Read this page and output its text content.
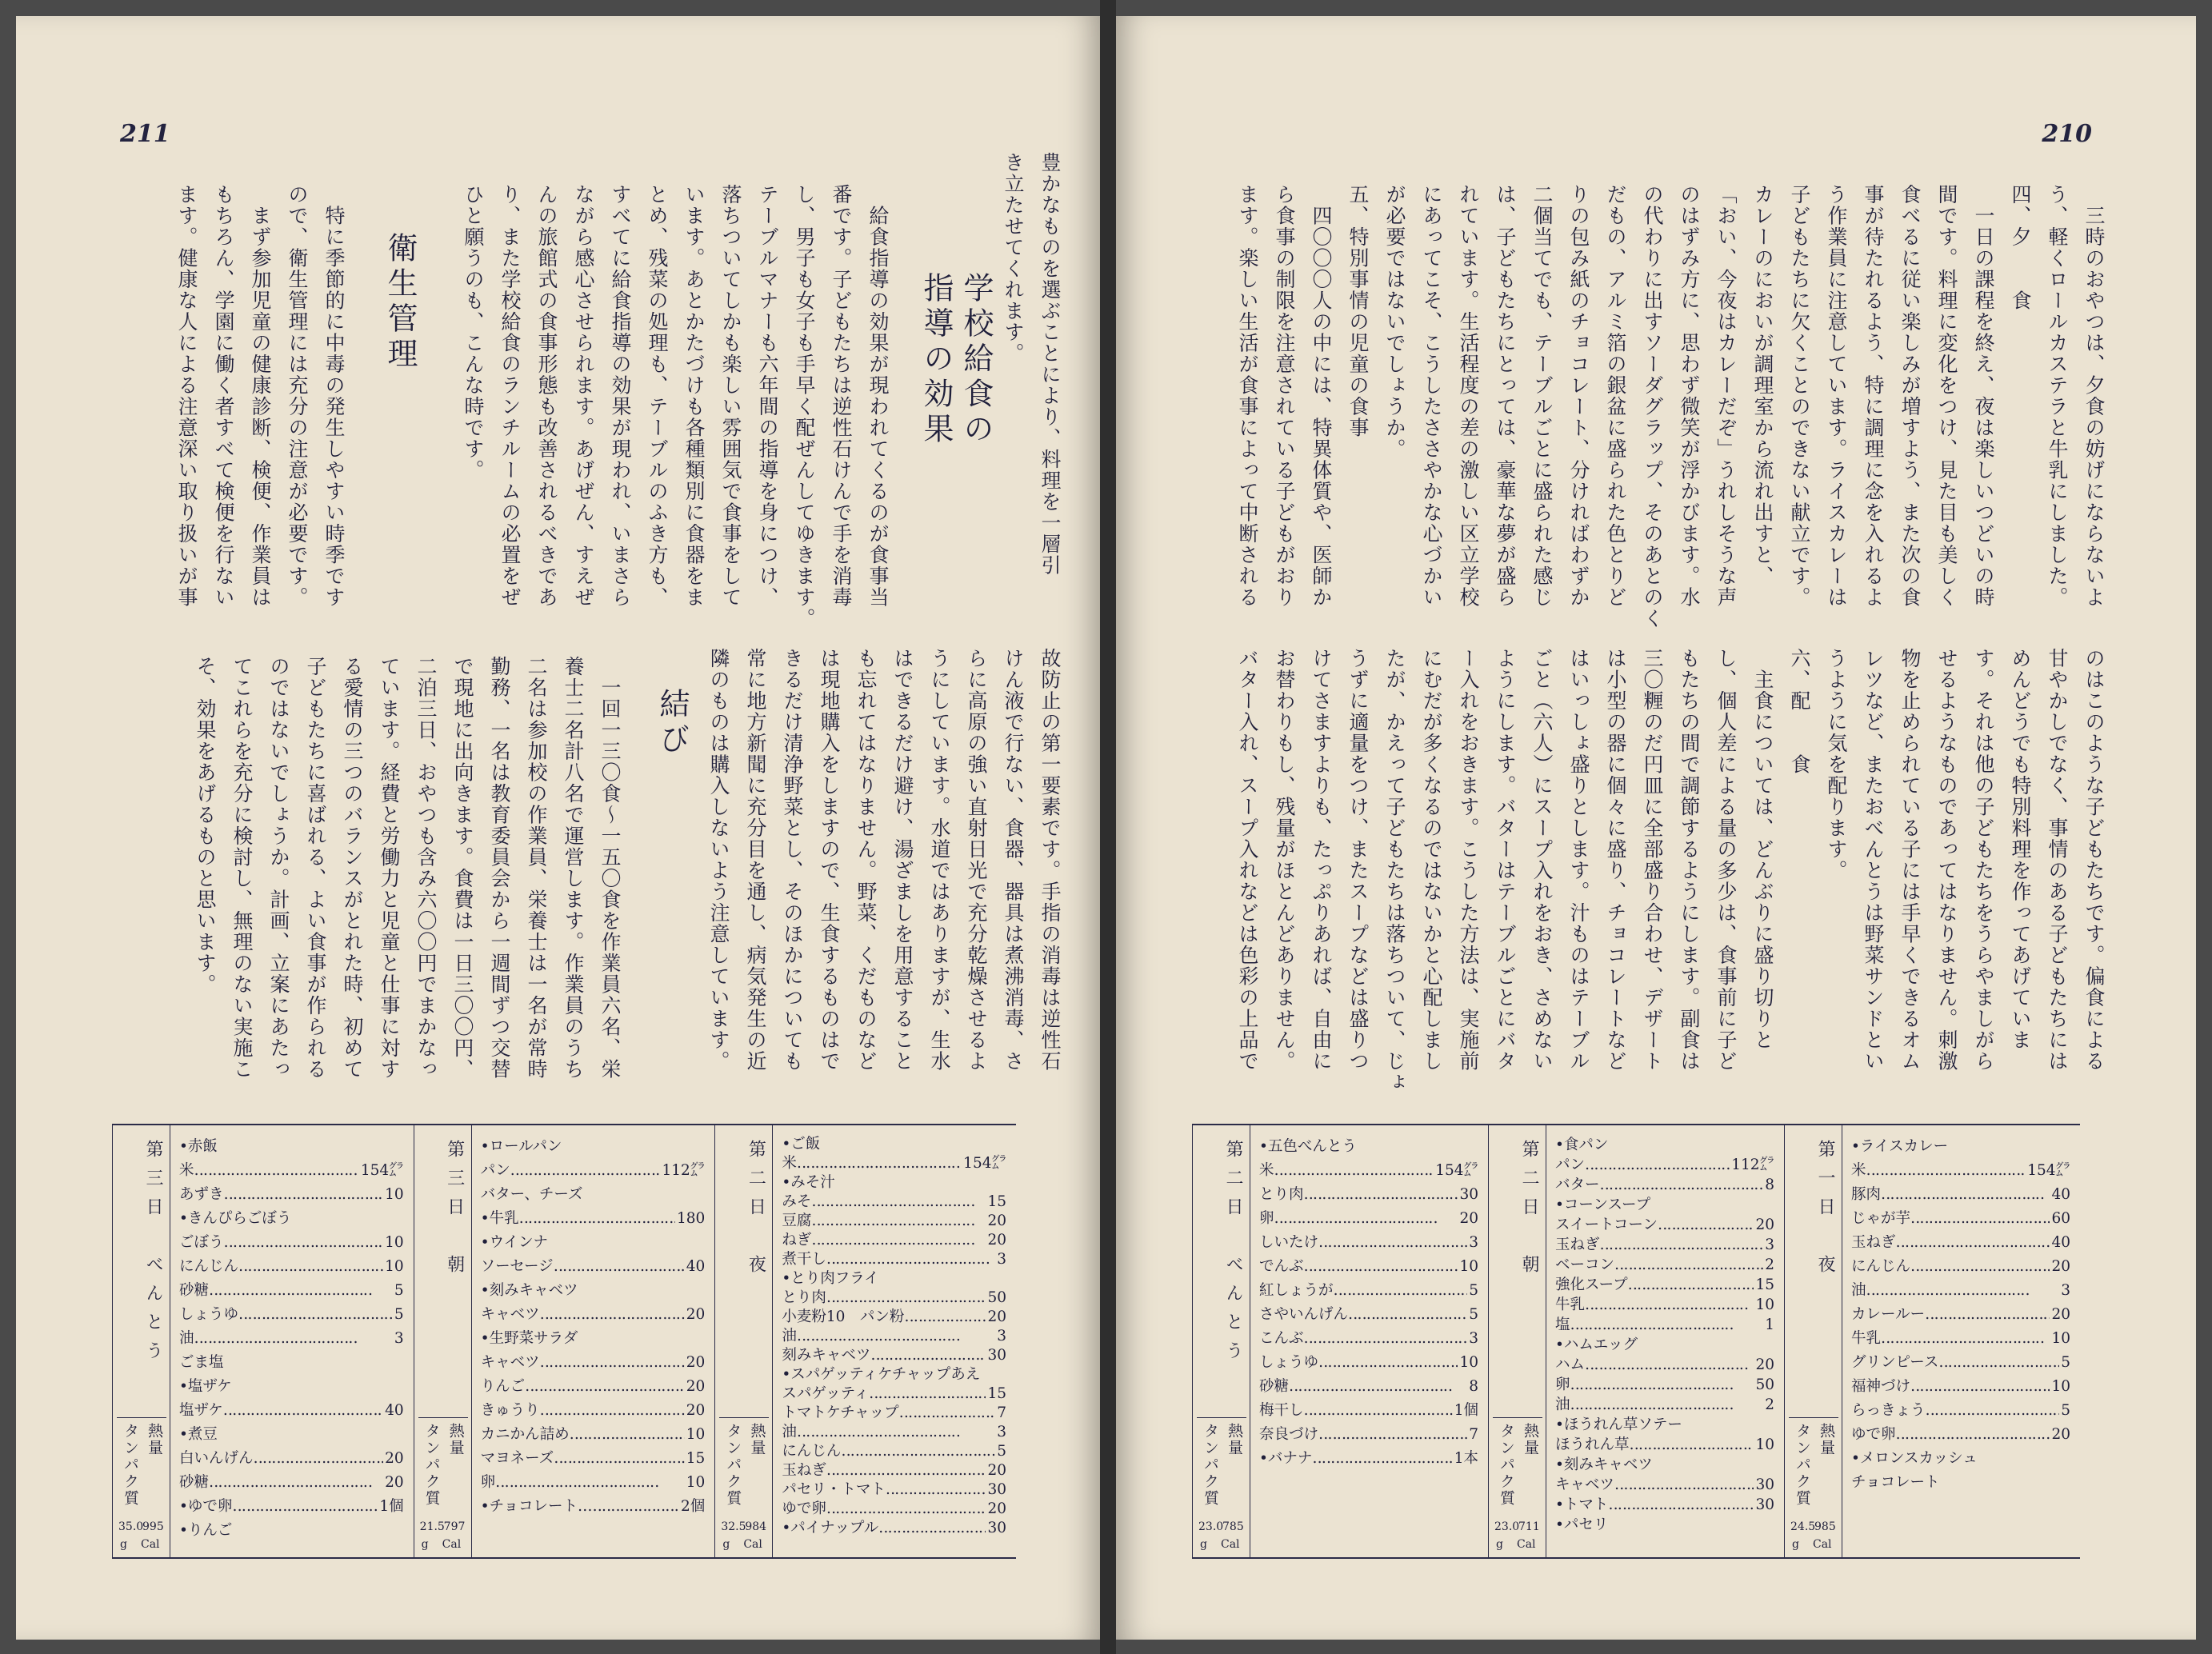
211
豊かなものを選ぶことにより、料理を一層引
き立たせてくれます。
学校給食の
指導の効果
　給食指導の効果が現われてくるのが食事当
番です。子どもたちは逆性石けんで手を消毒
し、男子も女子も手早く配ぜんしてゆきます。
テーブルマナーも六年間の指導を身につけ、
落ちついてしかも楽しい雰囲気で食事をして
います。あとかたづけも各種類別に食器をま
とめ、残菜の処理も、テーブルのふき方も、
すべてに給食指導の効果が現われ、いまさら
ながら感心させられます。あげぜん、すえぜ
んの旅館式の食事形態も改善されるべきであ
り、また学校給食のランチルームの必置をぜ
ひと願うのも、こんな時です。
衛生管理
　特に季節的に中毒の発生しやすい時季です
ので、衛生管理には充分の注意が必要です。
　まず参加児童の健康診断、検便、作業員は
もちろん、学園に働く者すべて検便を行ない
ます。健康な人による注意深い取り扱いが事
故防止の第一要素です。手指の消毒は逆性石
けん液で行ない、食器、器具は煮沸消毒、さ
らに高原の強い直射日光で充分乾燥させるよ
うにしています。水道ではありますが、生水
はできるだけ避け、湯ざましを用意すること
も忘れてはなりません。野菜、くだものなど
は現地購入をしますので、生食するものはで
きるだけ清浄野菜とし、そのほかについても
常に地方新聞に充分目を通し、病気発生の近
隣のものは購入しないよう注意しています。
結び
　一回一三〇食〜一五〇食を作業員六名、栄
養士二名計八名で運営します。作業員のうち
二名は参加校の作業員、栄養士は一名が常時
勤務、一名は教育委員会から一週間ずつ交替
で現地に出向きます。食費は一日三〇〇円、
二泊三日、おやつも含み六〇〇円でまかなっ
ています。経費と労働力と児童と仕事に対す
る愛情の三つのバランスがとれた時、初めて
子どもたちに喜ばれる、よい食事が作られる
のではないでしょうか。計画、立案にあたっ
てこれらを充分に検討し、無理のない実施こ
そ、効果をあげるものと思います。
第三日　べんとう
熱量
タンパク質
35.0
995
g Cal
•赤飯
米 ‥‥‥‥‥‥‥‥‥‥‥‥‥‥‥‥‥‥	154㌘
あずき ‥‥‥‥‥‥‥‥‥‥‥‥‥‥‥‥‥‥	10
•きんぴらごぼう
ごぼう ‥‥‥‥‥‥‥‥‥‥‥‥‥‥‥‥‥‥	10
にんじん ‥‥‥‥‥‥‥‥‥‥‥‥‥‥‥‥‥‥	10
砂糖 ‥‥‥‥‥‥‥‥‥‥‥‥‥‥‥‥‥‥	5
しょうゆ ‥‥‥‥‥‥‥‥‥‥‥‥‥‥‥‥‥‥	5
油 ‥‥‥‥‥‥‥‥‥‥‥‥‥‥‥‥‥‥	3
ごま塩
•塩ザケ
塩ザケ ‥‥‥‥‥‥‥‥‥‥‥‥‥‥‥‥‥‥	40
•煮豆
白いんげん ‥‥‥‥‥‥‥‥‥‥‥‥‥‥‥‥‥‥	20
砂糖 ‥‥‥‥‥‥‥‥‥‥‥‥‥‥‥‥‥‥	20
•ゆで卵 ‥‥‥‥‥‥‥‥‥‥‥‥‥‥‥‥‥‥	1個
•りんご
第三日　朝
熱量
タンパク質
21.5
797
g Cal
•ロールパン
パン ‥‥‥‥‥‥‥‥‥‥‥‥‥‥‥‥‥‥	112㌘
バター、チーズ
•牛乳 ‥‥‥‥‥‥‥‥‥‥‥‥‥‥‥‥‥‥	180
•ウインナ
ソーセージ ‥‥‥‥‥‥‥‥‥‥‥‥‥‥‥‥‥‥	40
•刻みキャベツ
キャベツ ‥‥‥‥‥‥‥‥‥‥‥‥‥‥‥‥‥‥	20
•生野菜サラダ
キャベツ ‥‥‥‥‥‥‥‥‥‥‥‥‥‥‥‥‥‥	20
りんご ‥‥‥‥‥‥‥‥‥‥‥‥‥‥‥‥‥‥	20
きゅうり ‥‥‥‥‥‥‥‥‥‥‥‥‥‥‥‥‥‥	20
カニかん詰め ‥‥‥‥‥‥‥‥‥‥‥‥‥‥‥‥‥‥	10
マヨネーズ ‥‥‥‥‥‥‥‥‥‥‥‥‥‥‥‥‥‥	15
卵 ‥‥‥‥‥‥‥‥‥‥‥‥‥‥‥‥‥‥	10
•チョコレート… ‥‥‥‥‥‥‥‥‥‥‥‥‥‥‥‥‥‥	2個
第二日　夜
熱量
タンパク質
32.5
984
g Cal
•ご飯
米 ‥‥‥‥‥‥‥‥‥‥‥‥‥‥‥‥‥‥	154㌘
•みそ汁
みそ ‥‥‥‥‥‥‥‥‥‥‥‥‥‥‥‥‥‥	15
豆腐 ‥‥‥‥‥‥‥‥‥‥‥‥‥‥‥‥‥‥	20
ねぎ ‥‥‥‥‥‥‥‥‥‥‥‥‥‥‥‥‥‥	20
煮干し ‥‥‥‥‥‥‥‥‥‥‥‥‥‥‥‥‥‥	3
•とり肉フライ
とり肉 ‥‥‥‥‥‥‥‥‥‥‥‥‥‥‥‥‥‥	50
小麦粉10　パン粉 ‥‥‥‥‥‥‥‥‥‥‥‥‥‥‥‥‥‥	20
油 ‥‥‥‥‥‥‥‥‥‥‥‥‥‥‥‥‥‥	3
刻みキャベツ ‥‥‥‥‥‥‥‥‥‥‥‥‥‥‥‥‥‥	30
•スパゲッティケチャップあえ
スパゲッティ ‥‥‥‥‥‥‥‥‥‥‥‥‥‥‥‥‥‥	15
トマトケチャップ ‥‥‥‥‥‥‥‥‥‥‥‥‥‥‥‥‥‥	7
油 ‥‥‥‥‥‥‥‥‥‥‥‥‥‥‥‥‥‥	3
にんじん ‥‥‥‥‥‥‥‥‥‥‥‥‥‥‥‥‥‥	5
玉ねぎ ‥‥‥‥‥‥‥‥‥‥‥‥‥‥‥‥‥‥	20
パセリ・トマト ‥‥‥‥‥‥‥‥‥‥‥‥‥‥‥‥‥‥	30
ゆで卵 ‥‥‥‥‥‥‥‥‥‥‥‥‥‥‥‥‥‥	20
•パイナップル ‥‥‥‥‥‥‥‥‥‥‥‥‥‥‥‥‥‥	30
210
　三時のおやつは、夕食の妨げにならないよ
う、軽くロールカステラと牛乳にしました。
四、夕　　食
　一日の課程を終え、夜は楽しいつどいの時
間です。料理に変化をつけ、見た目も美しく
食べるに従い楽しみが増すよう、また次の食
事が待たれるよう、特に調理に念を入れるよ
う作業員に注意しています。ライスカレーは
子どもたちに欠くことのできない献立です。
カレーのにおいが調理室から流れ出すと、
「おい、今夜はカレーだぞ」うれしそうな声
のはずみ方に、思わず微笑が浮かびます。水
の代わりに出すソーダグラップ、そのあとのく
だもの、アルミ箔の銀盆に盛られた色とりど
りの包み紙のチョコレート、分ければわずか
二個当てでも、テーブルごとに盛られた感じ
は、子どもたちにとっては、豪華な夢が盛ら
れています。生活程度の差の激しい区立学校
にあってこそ、こうしたささやかな心づかい
が必要ではないでしょうか。
五、特別事情の児童の食事
　四〇〇〇人の中には、特異体質や、医師か
ら食事の制限を注意されている子どもがおり
ます。楽しい生活が食事によって中断される
のはこのような子どもたちです。偏食による
甘やかしでなく、事情のある子どもたちには
めんどうでも特別料理を作ってあげていま
す。それは他の子どもたちをうらやましがら
せるようなものであってはなりません。刺激
物を止められている子には手早くできるオム
レツなど、またおべんとうは野菜サンドとい
うように気を配ります。
六、配　　食
　主食については、どんぶりに盛り切りと
し、個人差による量の多少は、食事前に子ど
もたちの間で調節するようにします。副食は
三〇糎のだ円皿に全部盛り合わせ、デザート
は小型の器に個々に盛り、チョコレートなど
はいっしょ盛りとします。汁ものはテーブル
ごと（六人）にスープ入れをおき、さめない
ようにします。バターはテーブルごとにバタ
ー入れをおきます。こうした方法は、実施前
にむだが多くなるのではないかと心配しまし
たが、かえって子どもたちは落ちついて、じょ
うずに適量をつけ、またスープなどは盛りつ
けてさますよりも、たっぷりあれば、自由に
お替わりもし、残量がほとんどありません。
バター入れ、スープ入れなどは色彩の上品で
第二日　べんとう
熱量
タンパク質
23.0
785
g Cal
•五色べんとう
米 ‥‥‥‥‥‥‥‥‥‥‥‥‥‥‥‥‥‥	154㌘
とり肉 ‥‥‥‥‥‥‥‥‥‥‥‥‥‥‥‥‥‥	30
卵 ‥‥‥‥‥‥‥‥‥‥‥‥‥‥‥‥‥‥	20
しいたけ ‥‥‥‥‥‥‥‥‥‥‥‥‥‥‥‥‥‥	3
でんぶ ‥‥‥‥‥‥‥‥‥‥‥‥‥‥‥‥‥‥	10
紅しょうが ‥‥‥‥‥‥‥‥‥‥‥‥‥‥‥‥‥‥	5
さやいんげん ‥‥‥‥‥‥‥‥‥‥‥‥‥‥‥‥‥‥	5
こんぶ ‥‥‥‥‥‥‥‥‥‥‥‥‥‥‥‥‥‥	3
しょうゆ ‥‥‥‥‥‥‥‥‥‥‥‥‥‥‥‥‥‥	10
砂糖 ‥‥‥‥‥‥‥‥‥‥‥‥‥‥‥‥‥‥	8
梅干し ‥‥‥‥‥‥‥‥‥‥‥‥‥‥‥‥‥‥	1個
奈良づけ ‥‥‥‥‥‥‥‥‥‥‥‥‥‥‥‥‥‥	7
•バナナ ‥‥‥‥‥‥‥‥‥‥‥‥‥‥‥‥‥‥	1本
第二日　朝
熱量
タンパク質
23.0
711
g Cal
•食パン
パン ‥‥‥‥‥‥‥‥‥‥‥‥‥‥‥‥‥‥	112㌘
バター ‥‥‥‥‥‥‥‥‥‥‥‥‥‥‥‥‥‥	8
•コーンスープ
スイートコーン ‥‥‥‥‥‥‥‥‥‥‥‥‥‥‥‥‥‥	20
玉ねぎ ‥‥‥‥‥‥‥‥‥‥‥‥‥‥‥‥‥‥	3
ベーコン ‥‥‥‥‥‥‥‥‥‥‥‥‥‥‥‥‥‥	2
強化スープ ‥‥‥‥‥‥‥‥‥‥‥‥‥‥‥‥‥‥	15
牛乳 ‥‥‥‥‥‥‥‥‥‥‥‥‥‥‥‥‥‥	10
塩 ‥‥‥‥‥‥‥‥‥‥‥‥‥‥‥‥‥‥	1
•ハムエッグ
ハム ‥‥‥‥‥‥‥‥‥‥‥‥‥‥‥‥‥‥	20
卵 ‥‥‥‥‥‥‥‥‥‥‥‥‥‥‥‥‥‥	50
油 ‥‥‥‥‥‥‥‥‥‥‥‥‥‥‥‥‥‥	2
•ほうれん草ソテー
ほうれん草 ‥‥‥‥‥‥‥‥‥‥‥‥‥‥‥‥‥‥	10
•刻みキャベツ
キャベツ ‥‥‥‥‥‥‥‥‥‥‥‥‥‥‥‥‥‥	30
•トマト ‥‥‥‥‥‥‥‥‥‥‥‥‥‥‥‥‥‥	30
•パセリ
第一日　夜
熱量
タンパク質
24.5
985
g Cal
•ライスカレー
米 ‥‥‥‥‥‥‥‥‥‥‥‥‥‥‥‥‥‥	154㌘
豚肉 ‥‥‥‥‥‥‥‥‥‥‥‥‥‥‥‥‥‥	40
じゃが芋 ‥‥‥‥‥‥‥‥‥‥‥‥‥‥‥‥‥‥	60
玉ねぎ ‥‥‥‥‥‥‥‥‥‥‥‥‥‥‥‥‥‥	40
にんじん ‥‥‥‥‥‥‥‥‥‥‥‥‥‥‥‥‥‥	20
油 ‥‥‥‥‥‥‥‥‥‥‥‥‥‥‥‥‥‥	3
カレールー ‥‥‥‥‥‥‥‥‥‥‥‥‥‥‥‥‥‥	20
牛乳 ‥‥‥‥‥‥‥‥‥‥‥‥‥‥‥‥‥‥	10
グリンピース ‥‥‥‥‥‥‥‥‥‥‥‥‥‥‥‥‥‥	5
福神づけ ‥‥‥‥‥‥‥‥‥‥‥‥‥‥‥‥‥‥	10
らっきょう ‥‥‥‥‥‥‥‥‥‥‥‥‥‥‥‥‥‥	5
ゆで卵 ‥‥‥‥‥‥‥‥‥‥‥‥‥‥‥‥‥‥	20
•メロンスカッシュ
チョコレート
